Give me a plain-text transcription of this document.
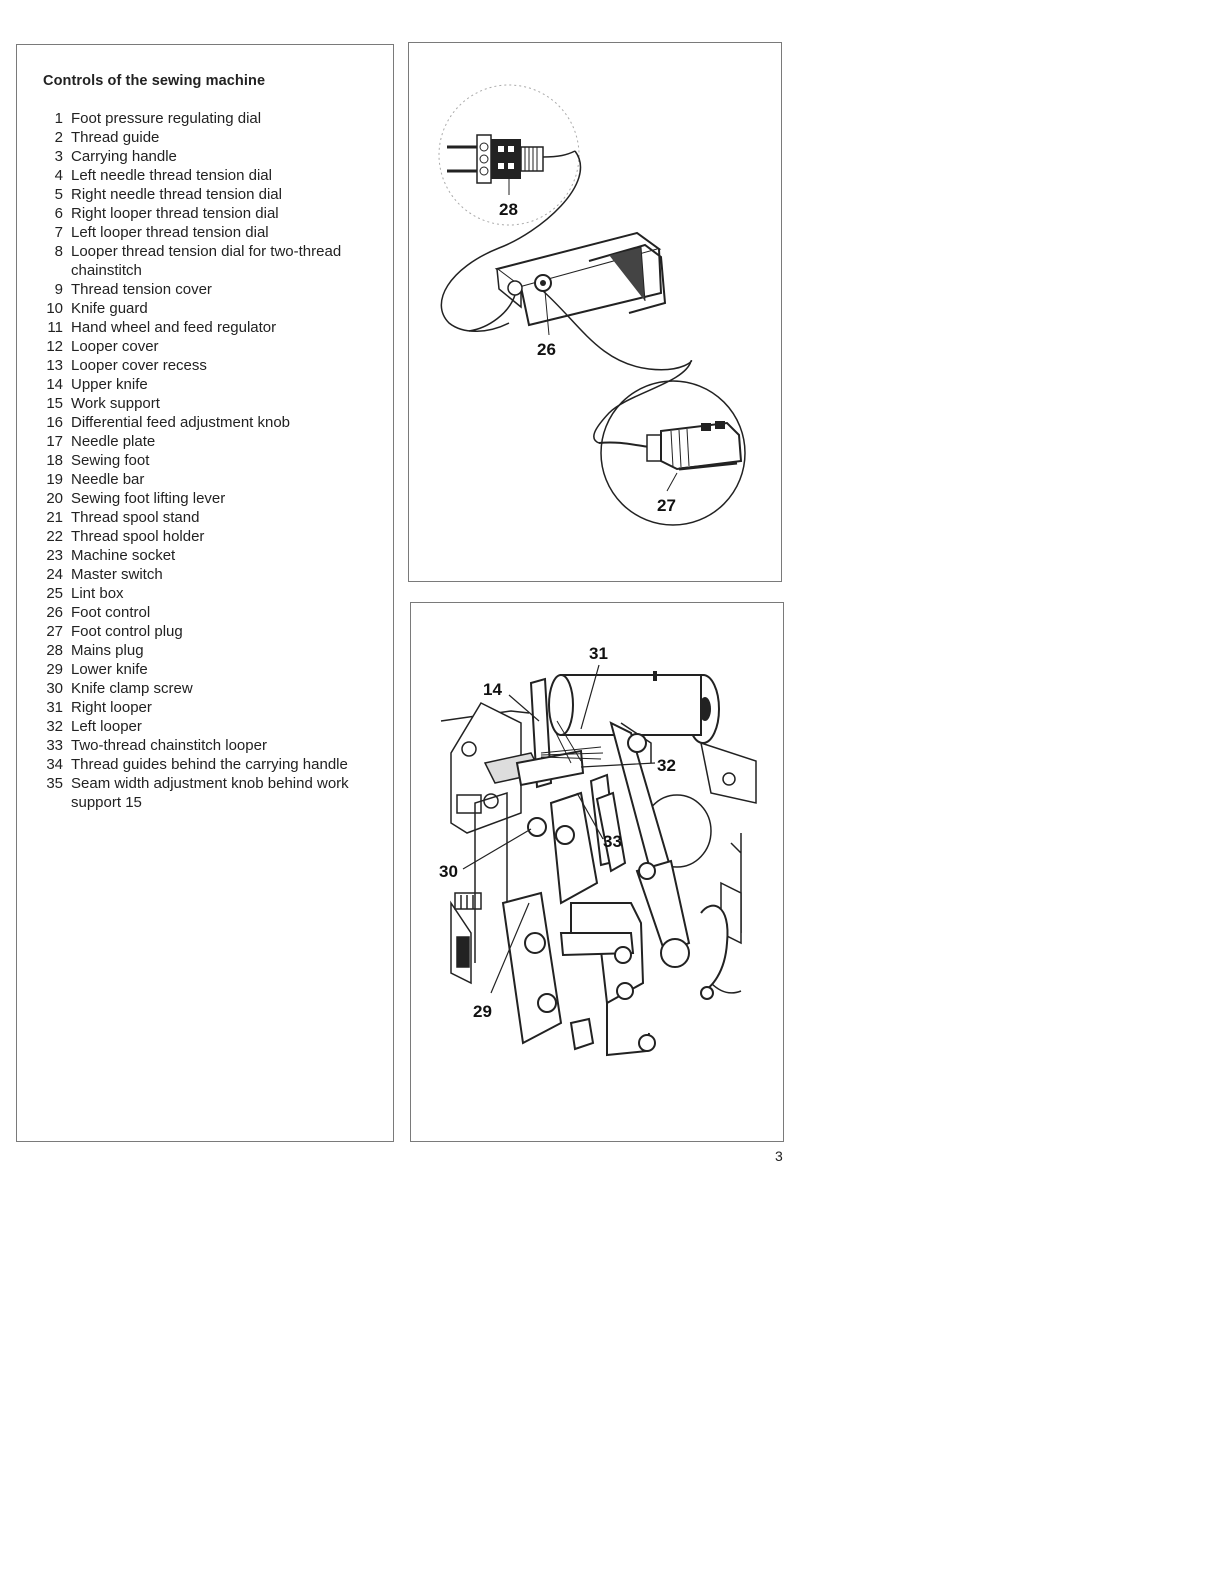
Controls of the sewing machine
1 Foot pressure regulating dial
2 Thread guide
3 Carrying handle
4 Left needle thread tension dial
5 Right needle thread tension dial
6 Right looper thread tension dial
7 Left looper thread tension dial
8 Looper thread tension dial for two-thread chainstitch
9 Thread tension cover
10 Knife guard
11 Hand wheel and feed regulator
12 Looper cover
13 Looper cover recess
14 Upper knife
15 Work support
16 Differential feed adjustment knob
17 Needle plate
18 Sewing foot
19 Needle bar
20 Sewing foot lifting lever
21 Thread spool stand
22 Thread spool holder
23 Machine socket
24 Master switch
25 Lint box
26 Foot control
27 Foot control plug
28 Mains plug
29 Lower knife
30 Knife clamp screw
31 Right looper
32 Left looper
33 Two-thread chainstitch looper
34 Thread guides behind the carrying handle
35 Seam width adjustment knob behind work support 15
28
26
27
31
14
32
33
30
29
3
